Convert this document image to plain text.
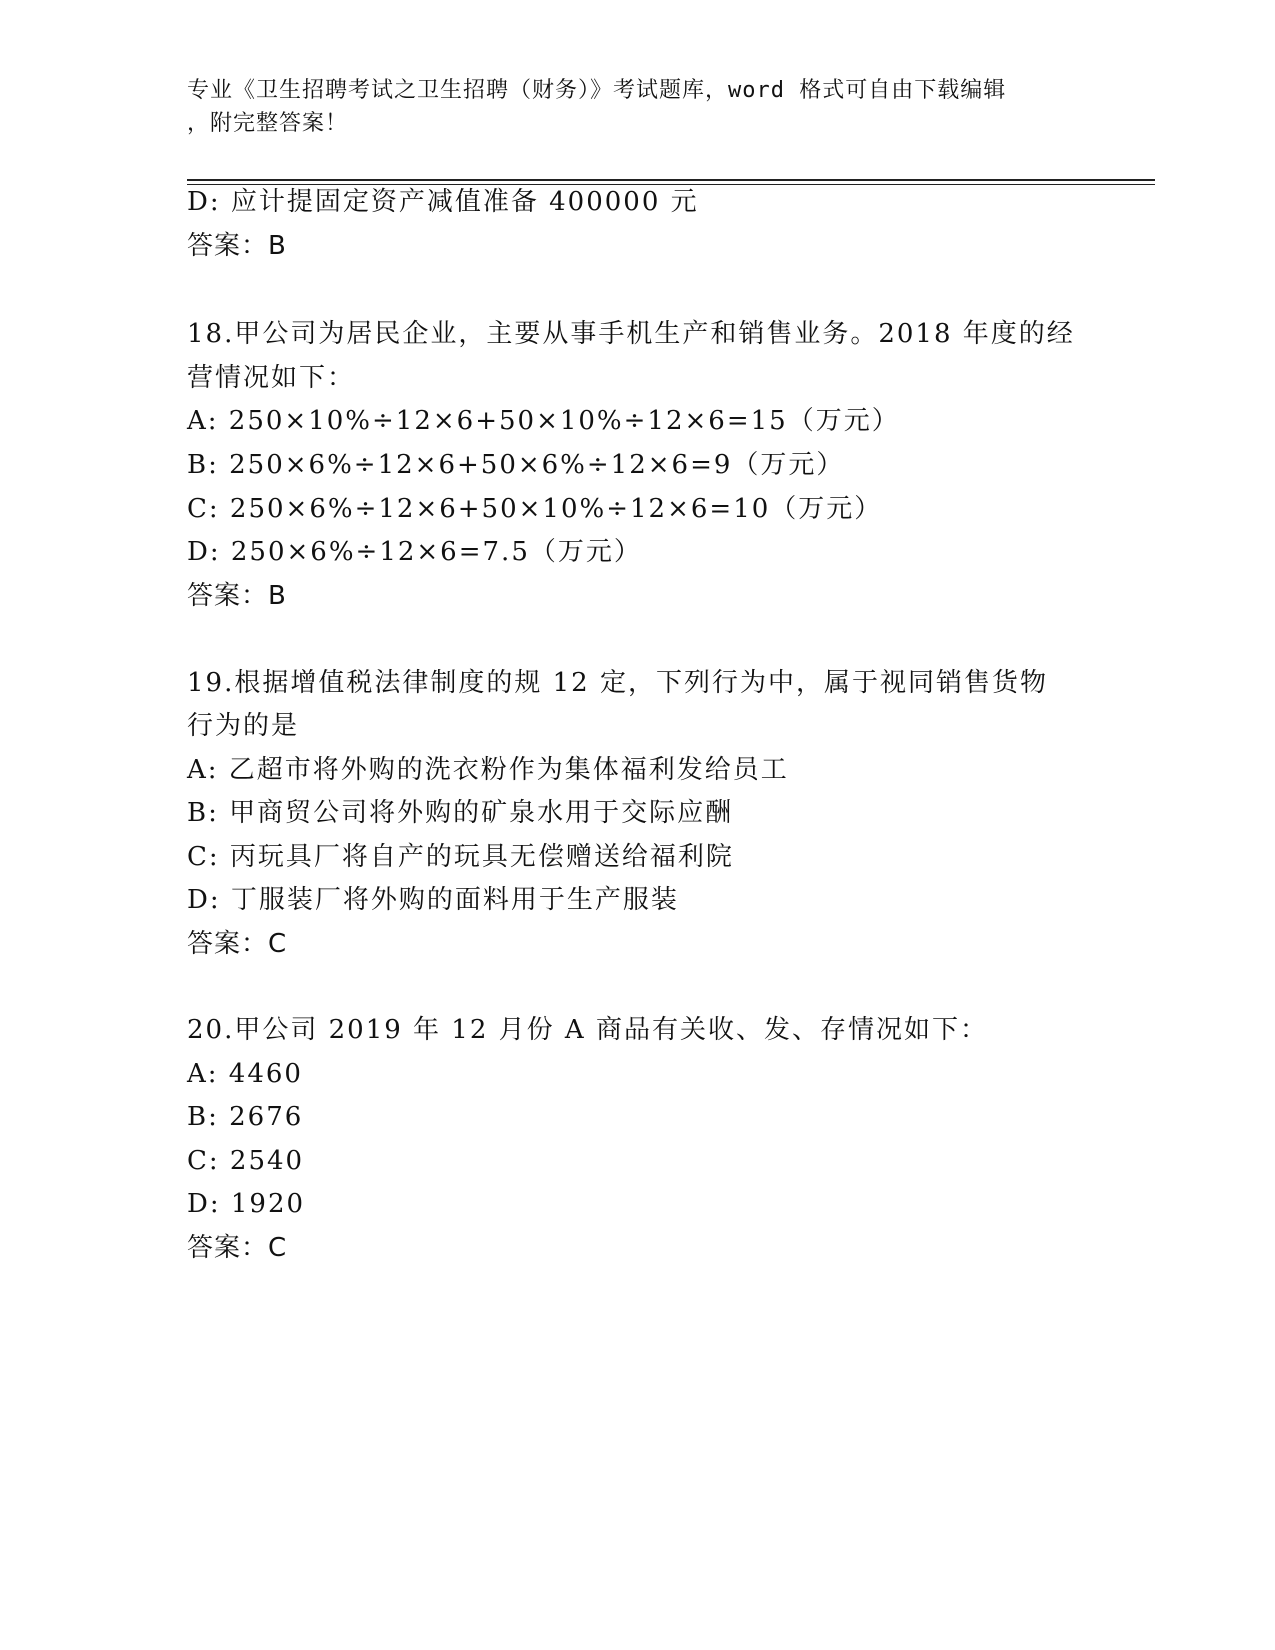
专业《卫生招聘考试之卫生招聘（财务）》考试题库，word 格式可自由下载编辑
，附完整答案！
D: 应计提固定资产减值准备 400000 元
答案：B
18.甲公司为居民企业，主要从事手机生产和销售业务。2018 年度的经
营情况如下：
A: 250×10%÷12×6+50×10%÷12×6=15（万元）
B: 250×6%÷12×6+50×6%÷12×6=9（万元）
C: 250×6%÷12×6+50×10%÷12×6=10（万元）
D: 250×6%÷12×6=7.5（万元）
答案：B
19.根据增值税法律制度的规 12 定，下列行为中，属于视同销售货物
行为的是
A: 乙超市将外购的洗衣粉作为集体福利发给员工
B: 甲商贸公司将外购的矿泉水用于交际应酬
C: 丙玩具厂将自产的玩具无偿赠送给福利院
D: 丁服装厂将外购的面料用于生产服装
答案：C
20.甲公司 2019 年 12 月份 A 商品有关收、发、存情况如下：
A: 4460
B: 2676
C: 2540
D: 1920
答案：C
